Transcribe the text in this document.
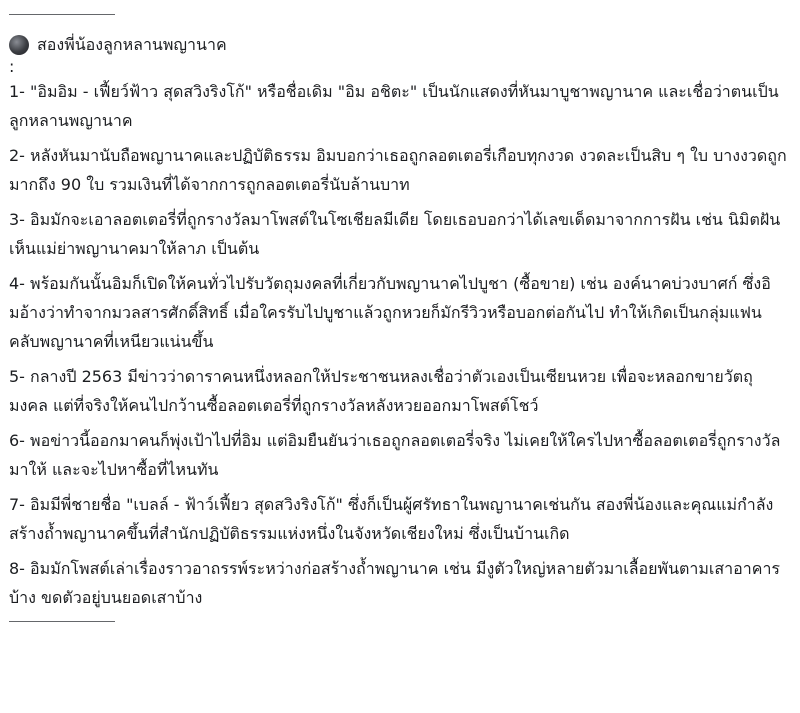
สองพี่น้องลูกหลานพญานาค
:

1- "อิมอิม - เฟี้ยว์ฟ้าว สุดสวิงริงโก้" หรือชื่อเดิม "อิม อชิตะ" เป็นนักแสดงที่หันมาบูชาพญานาค และเชื่อว่าตนเป็นลูกหลานพญานาค

2- หลังหันมานับถือพญานาคและปฏิบัติธรรม อิมบอกว่าเธอถูกลอตเตอรี่เกือบทุกงวด งวดละเป็นสิบ ๆ ใบ บางงวดถูกมากถึง 90 ใบ รวมเงินที่ได้จากการถูกลอตเตอรี่นับล้านบาท

3- อิมมักจะเอาลอตเตอรี่ที่ถูกรางวัลมาโพสต์ในโซเชียลมีเดีย โดยเธอบอกว่าได้เลขเด็ดมาจากการฝัน เช่น นิมิตฝันเห็นแม่ย่าพญานาคมาให้ลาภ เป็นต้น

4- พร้อมกันนั้นอิมก็เปิดให้คนทั่วไปรับวัตถุมงคลที่เกี่ยวกับพญานาคไปบูชา (ซื้อขาย) เช่น องค์นาคบ่วงบาศก์ ซึ่งอิมอ้างว่าทำจากมวลสารศักดิ์สิทธิ์ เมื่อใครรับไปบูชาแล้วถูกหวยก็มักรีวิวหรือบอกต่อกันไป ทำให้เกิดเป็นกลุ่มแฟนคลับพญานาคที่เหนียวแน่นขึ้น

5- กลางปี 2563 มีข่าวว่าดาราคนหนึ่งหลอกให้ประชาชนหลงเชื่อว่าตัวเองเป็นเซียนหวย เพื่อจะหลอกขายวัตถุมงคล แต่ที่จริงให้คนไปกว้านซื้อลอตเตอรี่ที่ถูกรางวัลหลังหวยออกมาโพสต์โชว์

6- พอข่าวนี้ออกมาคนก็พุ่งเป้าไปที่อิม แต่อิมยืนยันว่าเธอถูกลอตเตอรี่จริง ไม่เคยให้ใครไปหาซื้อลอตเตอรี่ถูกรางวัลมาให้ และจะไปหาซื้อที่ไหนทัน

7- อิมมีพี่ชายชื่อ "เบลล์ - ฟ้าว์เฟี้ยว สุดสวิงริงโก้" ซึ่งก็เป็นผู้ศรัทธาในพญานาคเช่นกัน สองพี่น้องและคุณแม่กำลังสร้างถ้ำพญานาคขึ้นที่สำนักปฏิบัติธรรมแห่งหนึ่งในจังหวัดเชียงใหม่ ซึ่งเป็นบ้านเกิด

8- อิมมักโพสต์เล่าเรื่องราวอาถรรพ์ระหว่างก่อสร้างถ้ำพญานาค เช่น มีงูตัวใหญ่หลายตัวมาเลื้อยพันตามเสาอาคารบ้าง ขดตัวอยู่บนยอดเสาบ้าง
